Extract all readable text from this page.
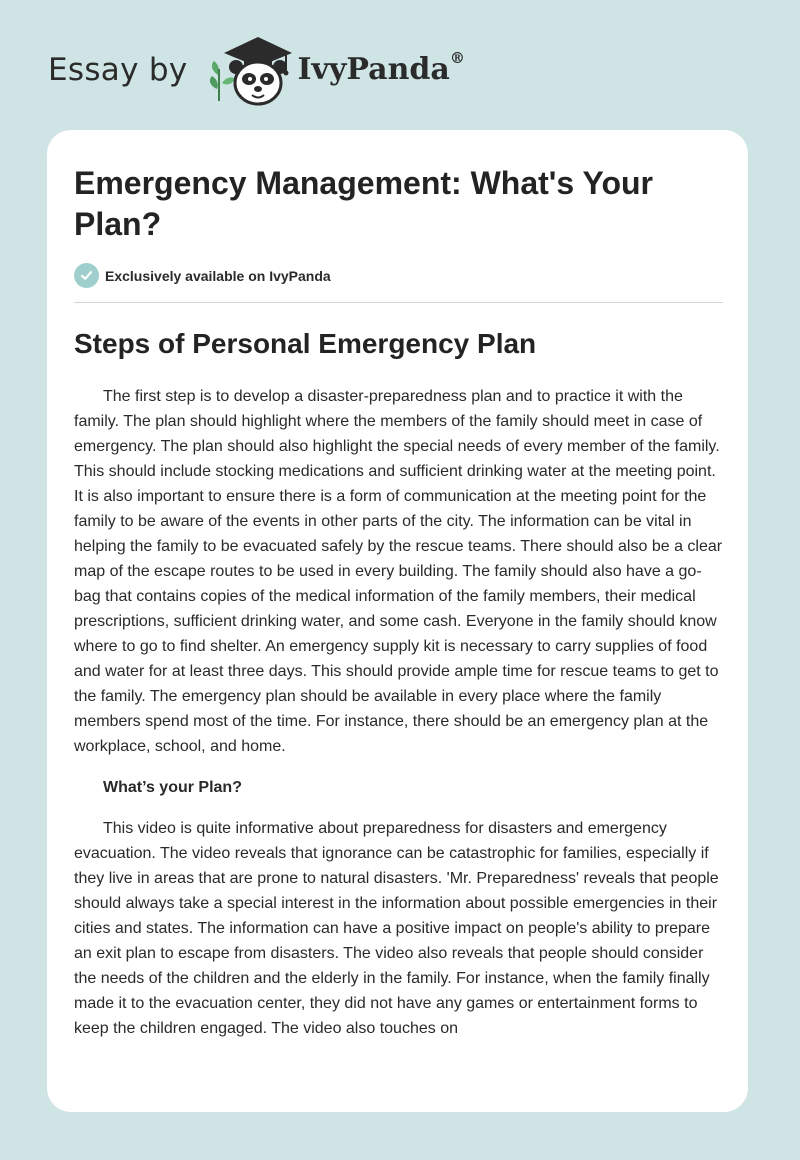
Essay by	IvyPanda®
Emergency Management: What's Your Plan?
Exclusively available on IvyPanda
Steps of Personal Emergency Plan

The first step is to develop a disaster-preparedness plan and to practice it with the family. The plan should highlight where the members of the family should meet in case of emergency. The plan should also highlight the special needs of every member of the family. This should include stocking medications and sufficient drinking water at the meeting point. It is also important to ensure there is a form of communication at the meeting point for the family to be aware of the events in other parts of the city. The information can be vital in helping the family to be evacuated safely by the rescue teams. There should also be a clear map of the escape routes to be used in every building. The family should also have a go-bag that contains copies of the medical information of the family members, their medical prescriptions, sufficient drinking water, and some cash. Everyone in the family should know where to go to find shelter. An emergency supply kit is necessary to carry supplies of food and water for at least three days. This should provide ample time for rescue teams to get to the family. The emergency plan should be available in every place where the family members spend most of the time. For instance, there should be an emergency plan at the workplace, school, and home.

What’s your Plan?

This video is quite informative about preparedness for disasters and emergency evacuation. The video reveals that ignorance can be catastrophic for families, especially if they live in areas that are prone to natural disasters. 'Mr. Preparedness' reveals that people should always take a special interest in the information about possible emergencies in their cities and states. The information can have a positive impact on people's ability to prepare an exit plan to escape from disasters. The video also reveals that people should consider the needs of the children and the elderly in the family. For instance, when the family finally made it to the evacuation center, they did not have any games or entertainment forms to keep the children engaged. The video also touches on
